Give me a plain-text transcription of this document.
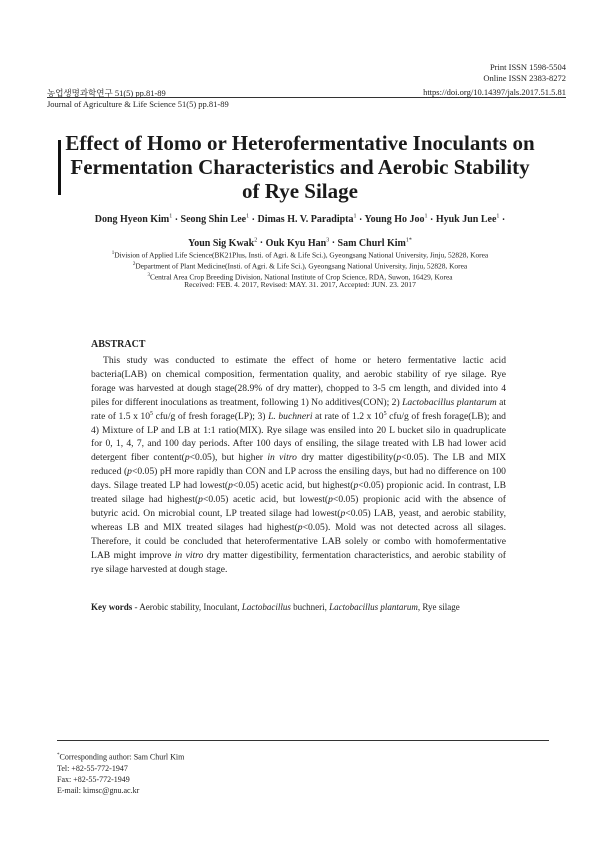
Print ISSN 1598-5504
Online ISSN 2383-8272
https://doi.org/10.14397/jals.2017.51.5.81
농업생명과학연구 51(5) pp.81-89
Journal of Agriculture & Life Science 51(5) pp.81-89
Effect of Homo or Heterofermentative Inoculants on Fermentation Characteristics and Aerobic Stability of Rye Silage
Dong Hyeon Kim$^1$ · Seong Shin Lee$^1$ · Dimas H. V. Paradipta$^1$ · Young Ho Joo$^1$ · Hyuk Jun Lee$^1$ ·
Youn Sig Kwak$^2$ · Ouk Kyu Han$^3$ · Sam Churl Kim$^{1*}$
$^1$Division of Applied Life Science(BK21Plus, Insti. of Agri. & Life Sci.), Gyeongsang National University, Jinju, 52828, Korea
$^2$Department of Plant Medicine(Insti. of Agri. & Life Sci.), Gyeongsang National University, Jinju, 52828, Korea
$^3$Central Area Crop Breeding Division, National Institute of Crop Science, RDA, Suwon, 16429, Korea
Received: FEB. 4. 2017, Revised: MAY. 31. 2017, Accepted: JUN. 23. 2017
ABSTRACT

This study was conducted to estimate the effect of home or hetero fermentative lactic acid bacteria(LAB) on chemical composition, fermentation quality, and aerobic stability of rye silage. Rye forage was harvested at dough stage(28.9% of dry matter), chopped to 3-5 cm length, and divided into 4 piles for different inoculations as treatment, following 1) No additives(CON); 2) Lactobacillus plantarum at rate of 1.5 x $10^5$ cfu/g of fresh forage(LP); 3) L. buchneri at rate of 1.2 x $10^5$ cfu/g of fresh forage(LB); and 4) Mixture of LP and LB at 1:1 ratio(MIX). Rye silage was ensiled into 20 L bucket silo in quadruplicate for 0, 1, 4, 7, and 100 day periods. After 100 days of ensiling, the silage treated with LB had lower acid detergent fiber content(p<0.05), but higher in vitro dry matter digestibility(p<0.05). The LB and MIX reduced (p<0.05) pH more rapidly than CON and LP across the ensiling days, but had no difference on 100 days. Silage treated LP had lowest(p<0.05) acetic acid, but highest(p<0.05) propionic acid. In contrast, LB treated silage had highest(p<0.05) acetic acid, but lowest(p<0.05) propionic acid with the absence of butyric acid. On microbial count, LP treated silage had lowest(p<0.05) LAB, yeast, and aerobic stability, whereas LB and MIX treated silages had highest(p<0.05). Mold was not detected across all silages. Therefore, it could be concluded that heterofermentative LAB solely or combo with homofermentative LAB might improve in vitro dry matter digestibility, fermentation characteristics, and aerobic stability of rye silage harvested at dough stage.

Key words - Aerobic stability, Inoculant, Lactobacillus buchneri, Lactobacillus plantarum, Rye silage
*Corresponding author: Sam Churl Kim
Tel: +82-55-772-1947
Fax: +82-55-772-1949
E-mail: kimsc@gnu.ac.kr
